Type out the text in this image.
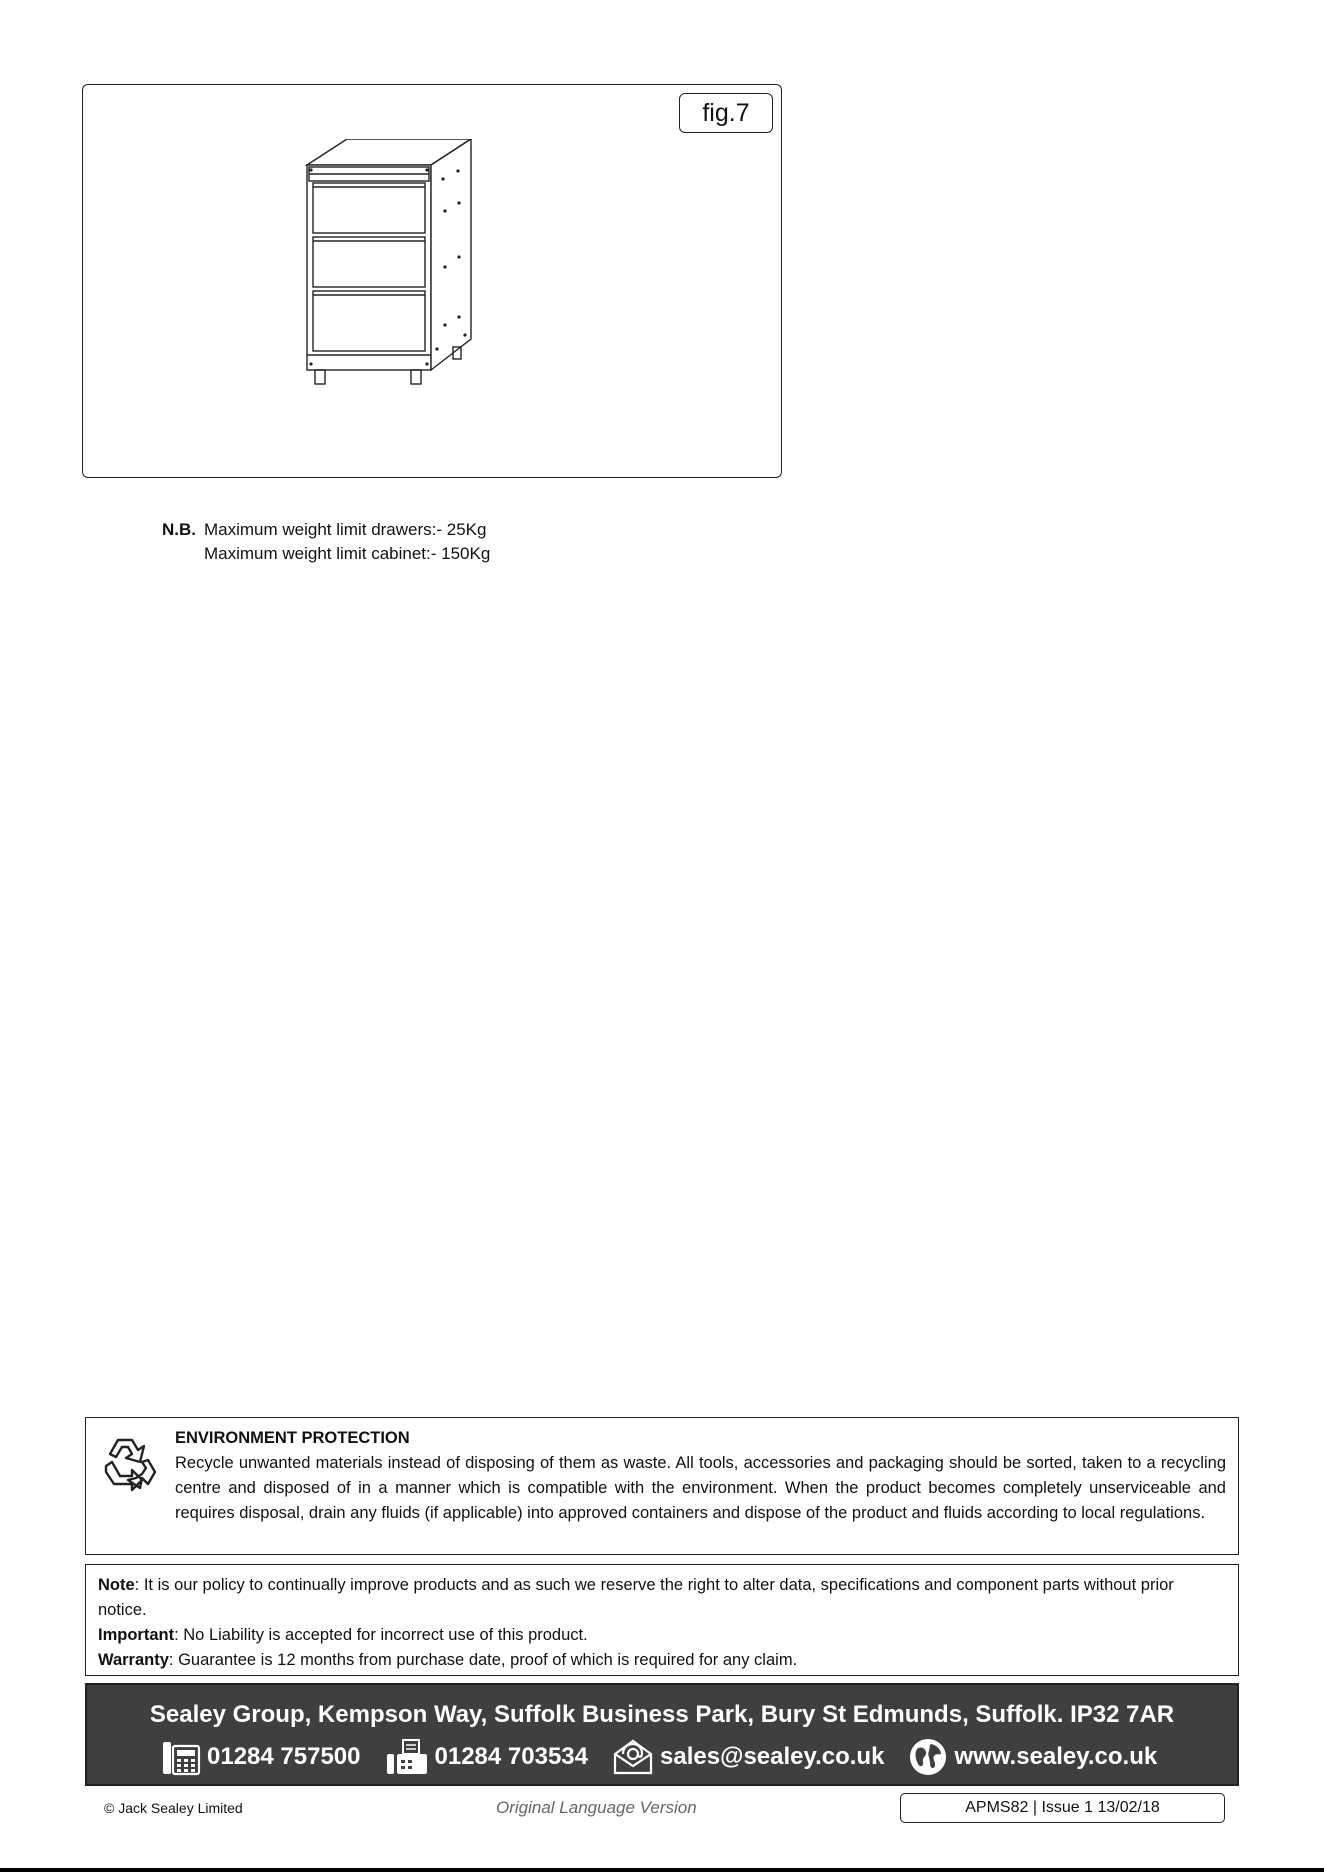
fig.7
N.B. Maximum weight limit drawers:- 25Kg
Maximum weight limit cabinet:- 150Kg
ENVIRONMENT PROTECTION
Recycle unwanted materials instead of disposing of them as waste. All tools, accessories and packaging should be sorted, taken to a recycling centre and disposed of in a manner which is compatible with the environment. When the product becomes completely unserviceable and requires disposal, drain any fluids (if applicable) into approved containers and dispose of the product and fluids according to local regulations.
Note: It is our policy to continually improve products and as such we reserve the right to alter data, specifications and component parts without prior notice.
Important: No Liability is accepted for incorrect use of this product.
Warranty: Guarantee is 12 months from purchase date, proof of which is required for any claim.
Sealey Group, Kempson Way, Suffolk Business Park, Bury St Edmunds, Suffolk. IP32 7AR
01284 757500	01284 703534	sales@sealey.co.uk	www.sealey.co.uk
© Jack Sealey Limited	Original Language Version	APMS82 | Issue 1 13/02/18
